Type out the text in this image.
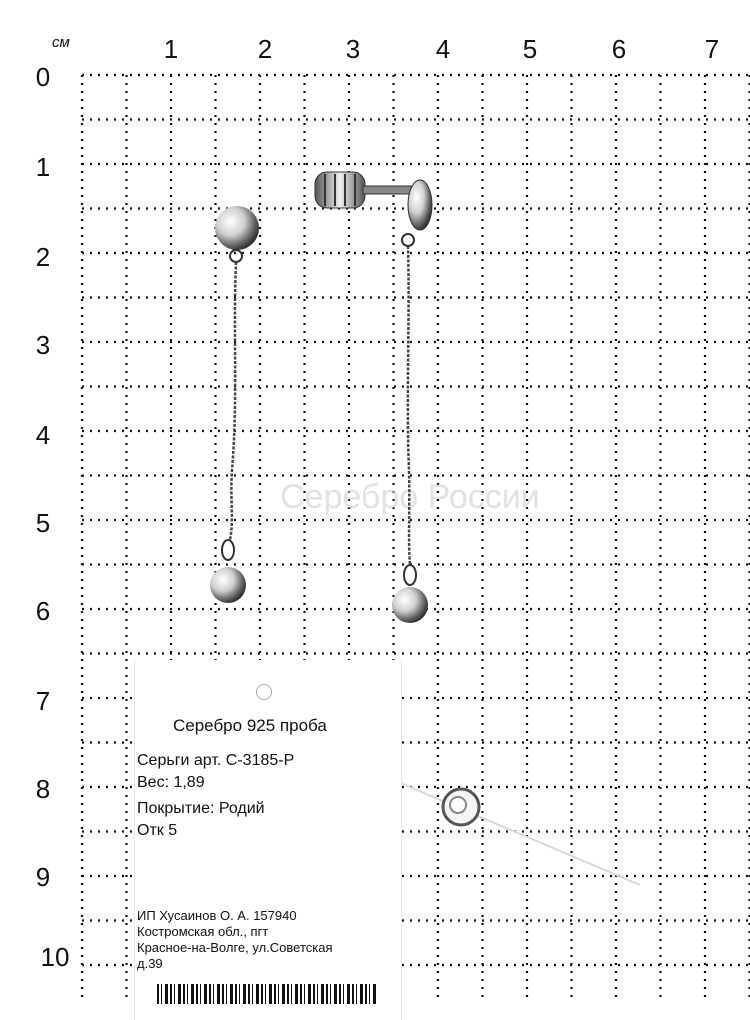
см	1	2	3	4	5	6	7
0
1
2
3
4
5
6
7
8
9
10
Серебро России
Серебро 925 проба
Серьги арт. С-3185-Р
Вес: 1,89
Покрытие: Родий
Отк 5
ИП Хусаинов О. А. 157940
Костромская обл., пгт
Красное-на-Волге, ул.Советская
д.39
